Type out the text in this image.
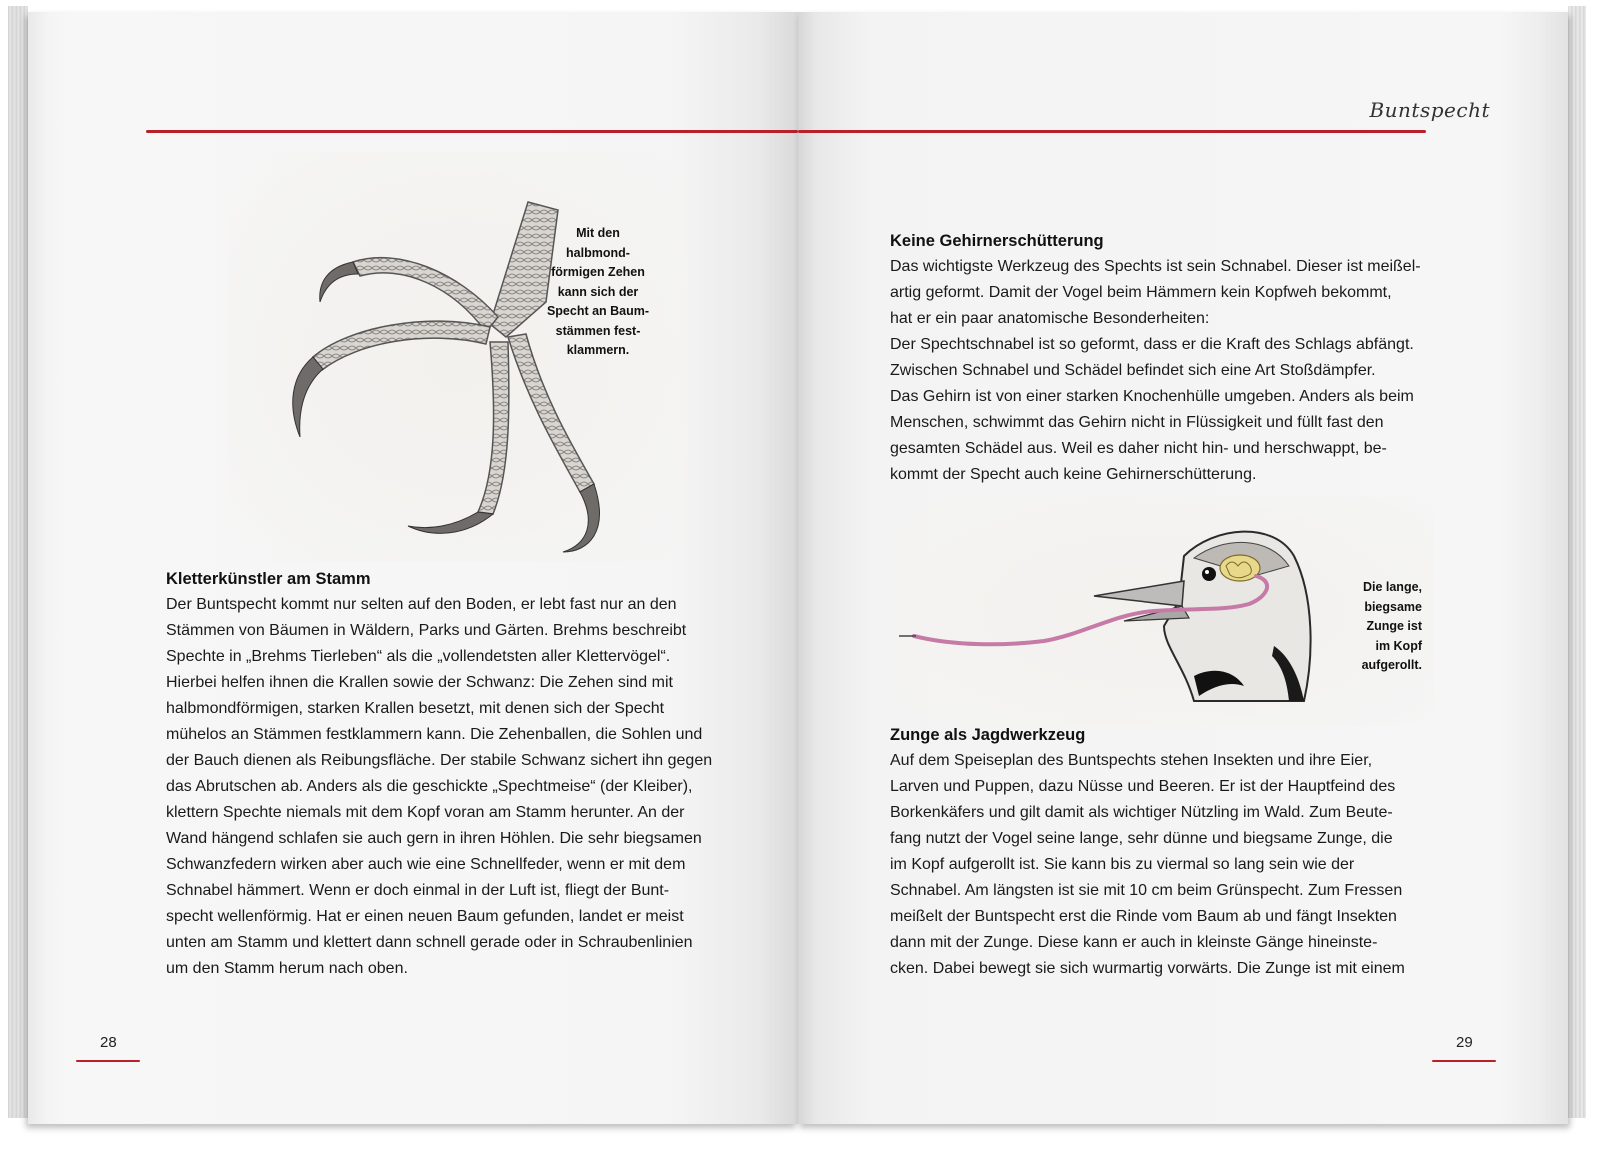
Mit den
halbmond-
förmigen Zehen
kann sich der
Specht an Baum-
stämmen fest-
klammern.
Kletterkünstler am Stamm
Der Buntspecht kommt nur selten auf den Boden, er lebt fast nur an den
Stämmen von Bäumen in Wäldern, Parks und Gärten. Brehms beschreibt
Spechte in „Brehms Tierleben“ als die „vollendetsten aller Klettervögel“.
Hierbei helfen ihnen die Krallen sowie der Schwanz: Die Zehen sind mit
halbmondförmigen, starken Krallen besetzt, mit denen sich der Specht
mühelos an Stämmen festklammern kann. Die Zehenballen, die Sohlen und
der Bauch dienen als Reibungsfläche. Der stabile Schwanz sichert ihn gegen
das Abrutschen ab. Anders als die geschickte „Spechtmeise“ (der Kleiber),
klettern Spechte niemals mit dem Kopf voran am Stamm herunter. An der
Wand hängend schlafen sie auch gern in ihren Höhlen. Die sehr biegsamen
Schwanzfedern wirken aber auch wie eine Schnellfeder, wenn er mit dem
Schnabel hämmert. Wenn er doch einmal in der Luft ist, fliegt der Bunt-
specht wellenförmig. Hat er einen neuen Baum gefunden, landet er meist
unten am Stamm und klettert dann schnell gerade oder in Schraubenlinien
um den Stamm herum nach oben.
28
Buntspecht
Keine Gehirnerschütterung
Das wichtigste Werkzeug des Spechts ist sein Schnabel. Dieser ist meißel-
artig geformt. Damit der Vogel beim Hämmern kein Kopfweh bekommt,
hat er ein paar anatomische Besonderheiten:
Der Spechtschnabel ist so geformt, dass er die Kraft des Schlags abfängt.
Zwischen Schnabel und Schädel befindet sich eine Art Stoßdämpfer.
Das Gehirn ist von einer starken Knochenhülle umgeben. Anders als beim
Menschen, schwimmt das Gehirn nicht in Flüssigkeit und füllt fast den
gesamten Schädel aus. Weil es daher nicht hin- und herschwappt, be-
kommt der Specht auch keine Gehirnerschütterung.
Die lange,
biegsame
Zunge ist
im Kopf
aufgerollt.
Zunge als Jagdwerkzeug
Auf dem Speiseplan des Buntspechts stehen Insekten und ihre Eier,
Larven und Puppen, dazu Nüsse und Beeren. Er ist der Hauptfeind des
Borkenkäfers und gilt damit als wichtiger Nützling im Wald. Zum Beute-
fang nutzt der Vogel seine lange, sehr dünne und biegsame Zunge, die
im Kopf aufgerollt ist. Sie kann bis zu viermal so lang sein wie der
Schnabel. Am längsten ist sie mit 10 cm beim Grünspecht. Zum Fressen
meißelt der Buntspecht erst die Rinde vom Baum ab und fängt Insekten
dann mit der Zunge. Diese kann er auch in kleinste Gänge hineinste-
cken. Dabei bewegt sie sich wurmartig vorwärts. Die Zunge ist mit einem
29
